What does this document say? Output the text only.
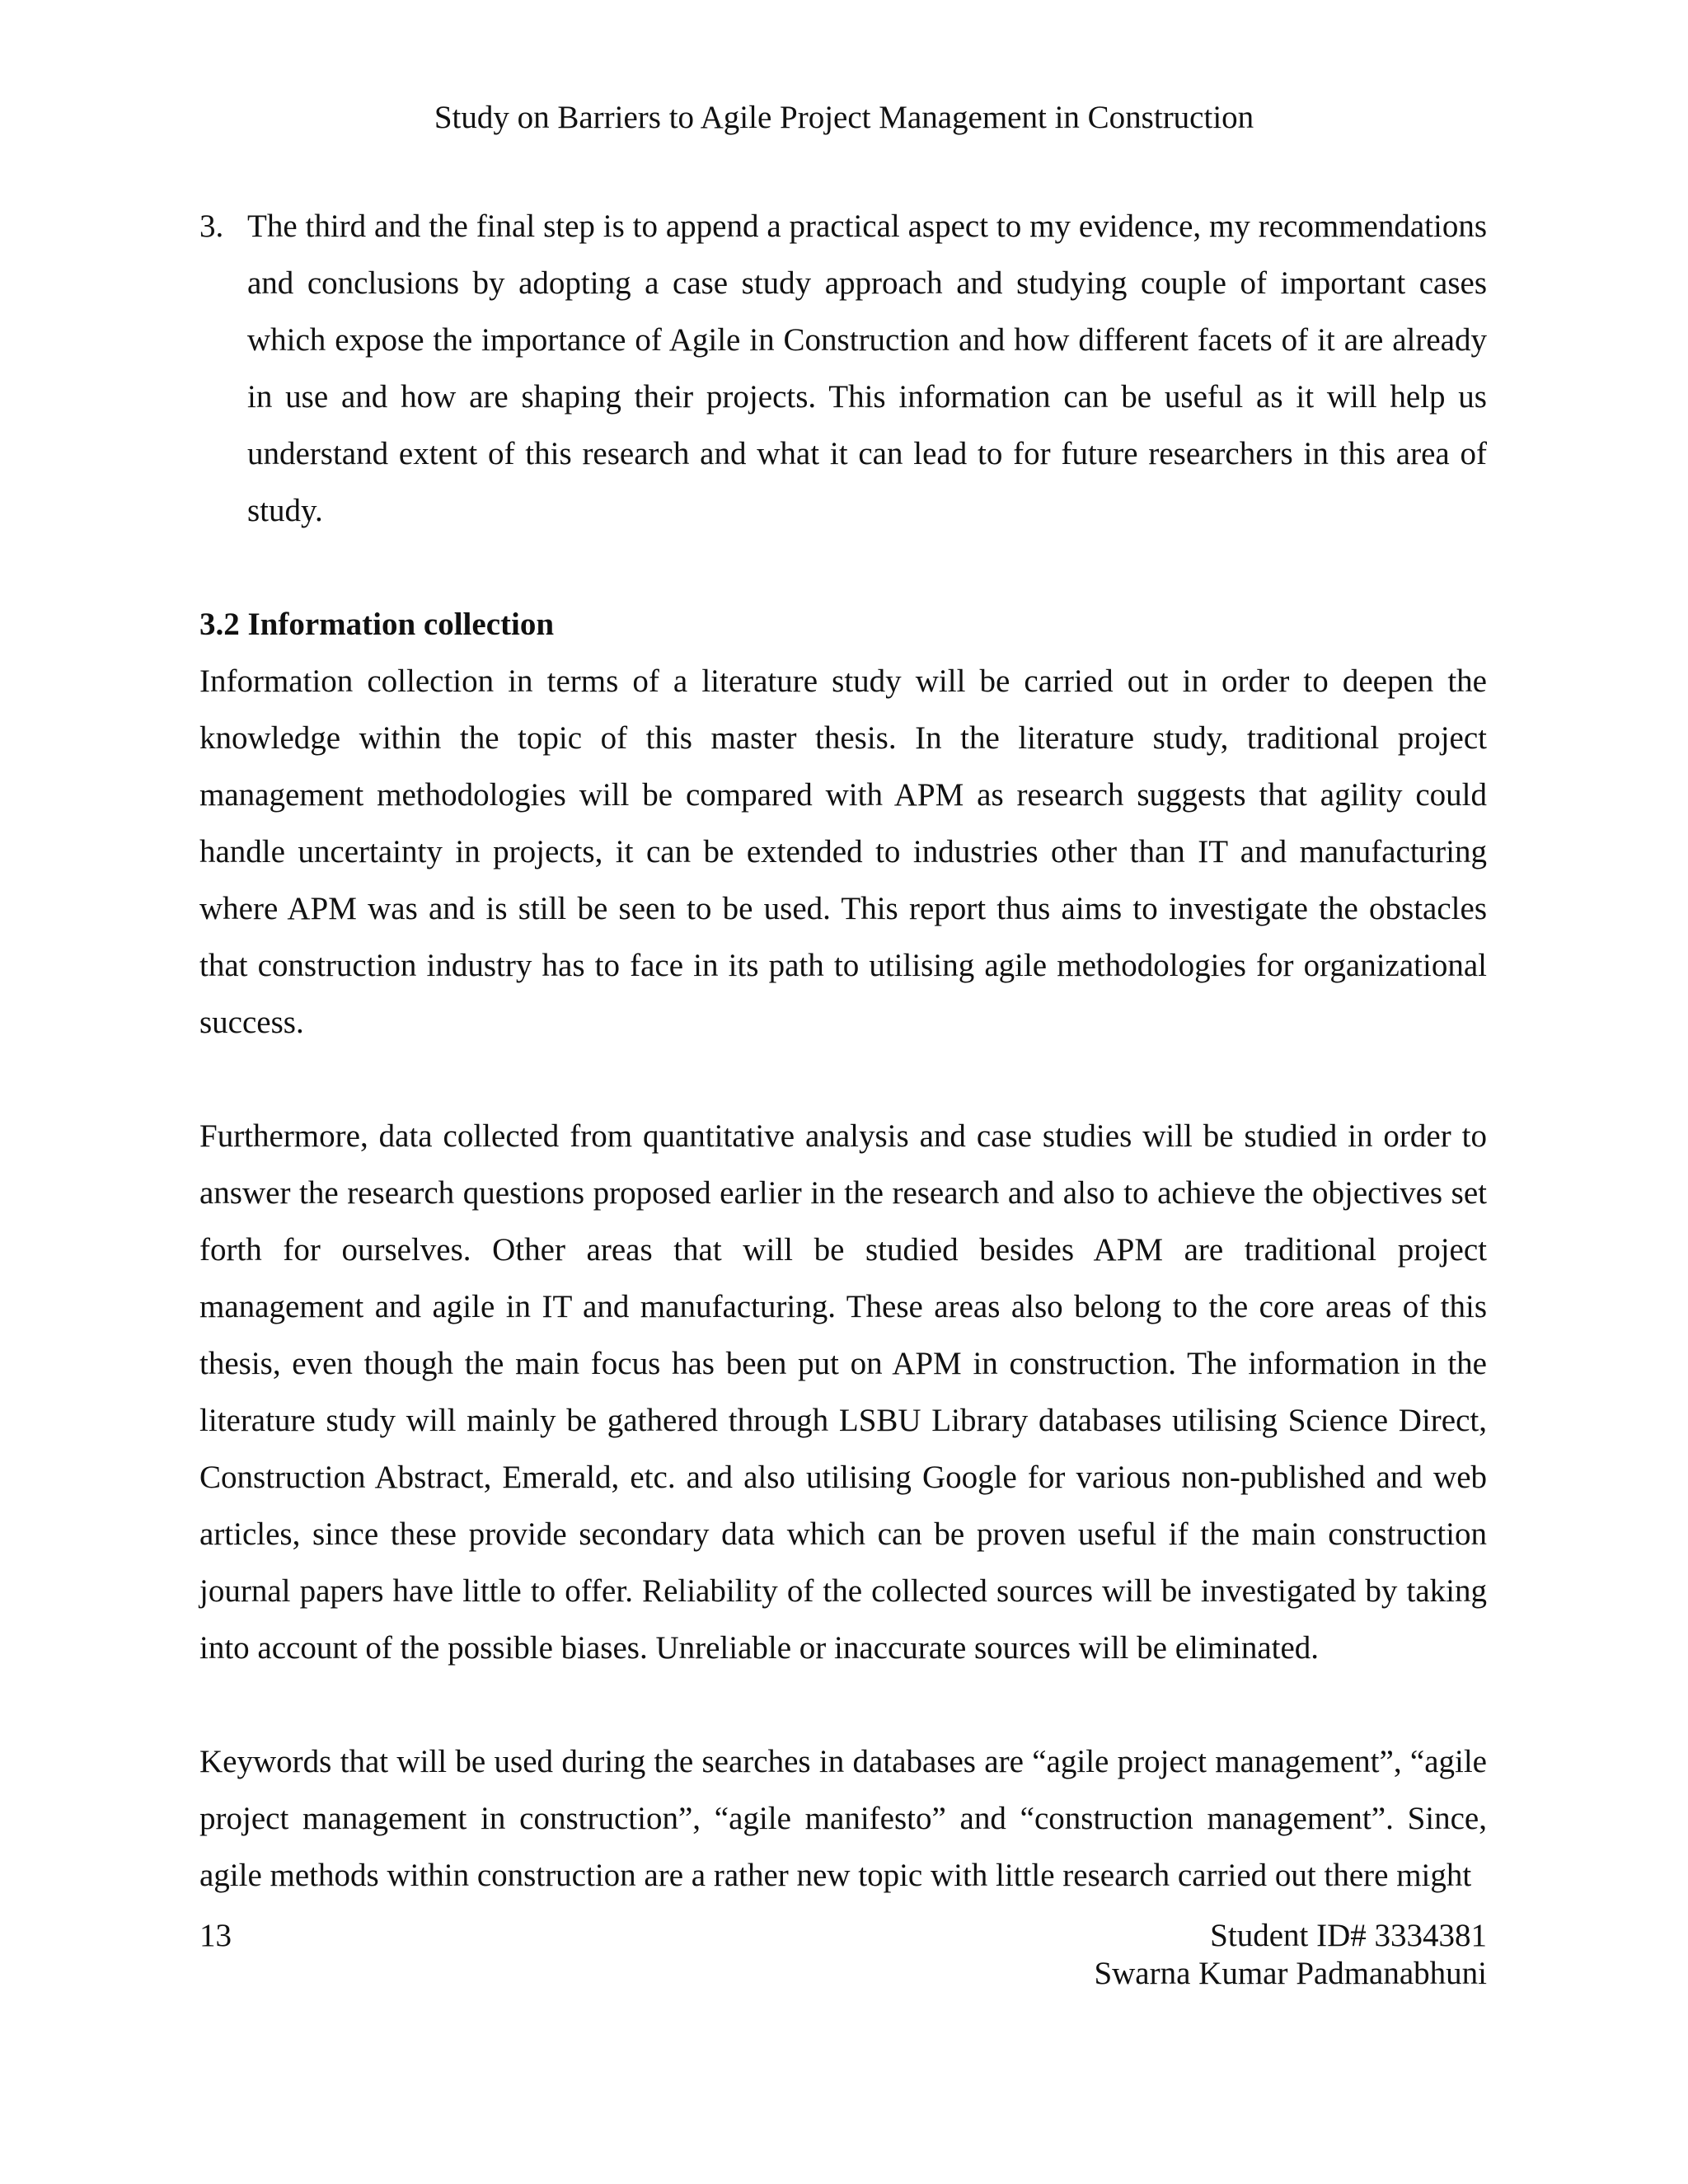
Study on Barriers to Agile Project Management in Construction
3. The third and the final step is to append a practical aspect to my evidence, my recommendations and conclusions by adopting a case study approach and studying couple of important cases which expose the importance of Agile in Construction and how different facets of it are already in use and how are shaping their projects. This information can be useful as it will help us understand extent of this research and what it can lead to for future researchers in this area of study.
3.2 Information collection

Information collection in terms of a literature study will be carried out in order to deepen the knowledge within the topic of this master thesis. In the literature study, traditional project management methodologies will be compared with APM as research suggests that agility could handle uncertainty in projects, it can be extended to industries other than IT and manufacturing where APM was and is still be seen to be used. This report thus aims to investigate the obstacles that construction industry has to face in its path to utilising agile methodologies for organizational success.

Furthermore, data collected from quantitative analysis and case studies will be studied in order to answer the research questions proposed earlier in the research and also to achieve the objectives set forth for ourselves. Other areas that will be studied besides APM are traditional project management and agile in IT and manufacturing. These areas also belong to the core areas of this thesis, even though the main focus has been put on APM in construction. The information in the literature study will mainly be gathered through LSBU Library databases utilising Science Direct, Construction Abstract, Emerald, etc. and also utilising Google for various non-published and web articles, since these provide secondary data which can be proven useful if the main construction journal papers have little to offer. Reliability of the collected sources will be investigated by taking into account of the possible biases. Unreliable or inaccurate sources will be eliminated.

Keywords that will be used during the searches in databases are “agile project management”, “agile project management in construction”, “agile manifesto” and “construction management”. Since, agile methods within construction are a rather new topic with little research carried out there might

13	Student ID# 3334381
Swarna Kumar Padmanabhuni
